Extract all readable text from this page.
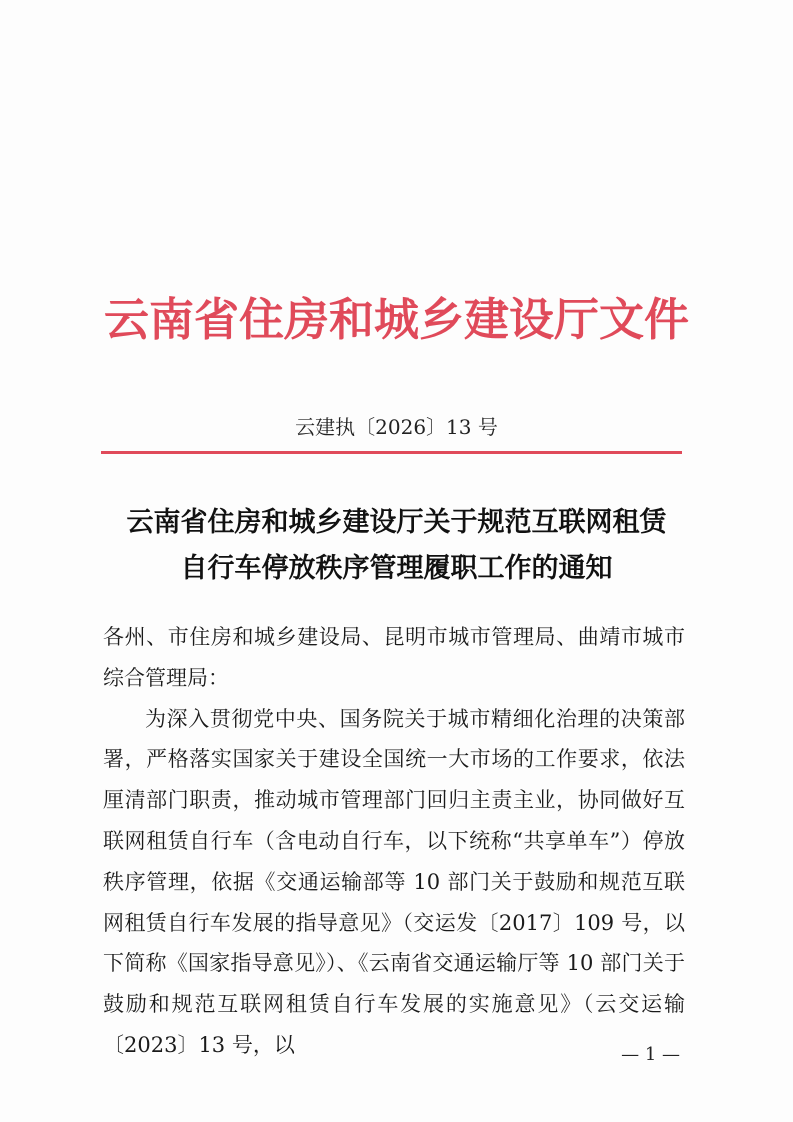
云南省住房和城乡建设厅文件
云建执〔2026〕13 号
云南省住房和城乡建设厅关于规范互联网租赁
自行车停放秩序管理履职工作的通知
各州、市住房和城乡建设局、昆明市城市管理局、曲靖市城市综合管理局：
为深入贯彻党中央、国务院关于城市精细化治理的决策部署，严格落实国家关于建设全国统一大市场的工作要求，依法厘清部门职责，推动城市管理部门回归主责主业，协同做好互联网租赁自行车（含电动自行车，以下统称“共享单车”）停放秩序管理，依据《交通运输部等 10 部门关于鼓励和规范互联网租赁自行车发展的指导意见》（交运发〔2017〕109 号，以下简称《国家指导意见》）、《云南省交通运输厅等 10 部门关于鼓励和规范互联网租赁自行车发展的实施意见》（云交运输〔2023〕13 号，以	— 1 —
